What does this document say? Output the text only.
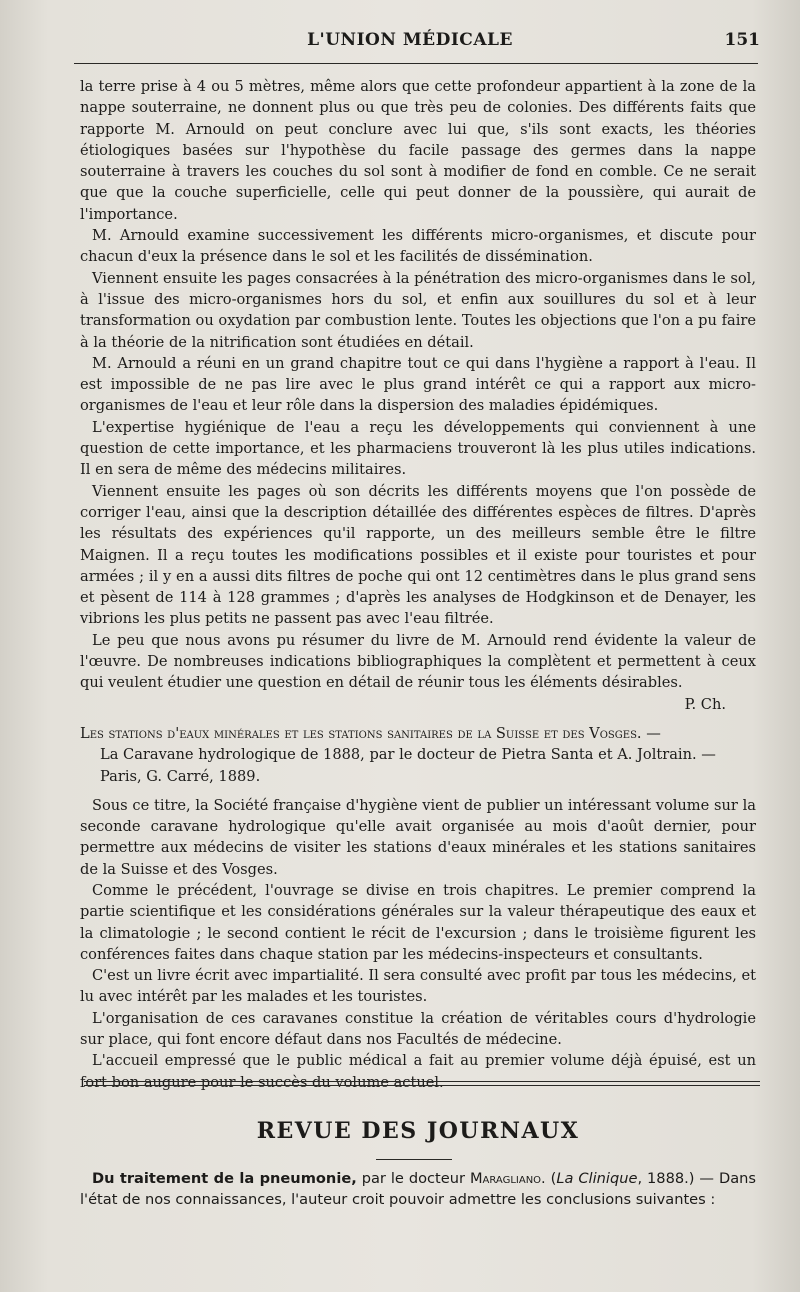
L'UNION MÉDICALE	151

la terre prise à 4 ou 5 mètres, même alors que cette profondeur appartient à la zone de la nappe souterraine, ne donnent plus ou que très peu de colonies. Des différents faits que rapporte M. Arnould on peut conclure avec lui que, s'ils sont exacts, les théories étiologiques basées sur l'hypothèse du facile passage des germes dans la nappe souterraine à travers les couches du sol sont à modifier de fond en comble. Ce ne serait que que la couche superficielle, celle qui peut donner de la poussière, qui aurait de l'importance.

M. Arnould examine successivement les différents micro-organismes, et discute pour chacun d'eux la présence dans le sol et les facilités de dissémination.

Viennent ensuite les pages consacrées à la pénétration des micro-organismes dans le sol, à l'issue des micro-organismes hors du sol, et enfin aux souillures du sol et à leur transformation ou oxydation par combustion lente. Toutes les objections que l'on a pu faire à la théorie de la nitrification sont étudiées en détail.

M. Arnould a réuni en un grand chapitre tout ce qui dans l'hygiène a rapport à l'eau. Il est impossible de ne pas lire avec le plus grand intérêt ce qui a rapport aux micro-organismes de l'eau et leur rôle dans la dispersion des maladies épidémiques.

L'expertise hygiénique de l'eau a reçu les développements qui conviennent à une question de cette importance, et les pharmaciens trouveront là les plus utiles indications. Il en sera de même des médecins militaires.

Viennent ensuite les pages où son décrits les différents moyens que l'on possède de corriger l'eau, ainsi que la description détaillée des différentes espèces de filtres. D'après les résultats des expériences qu'il rapporte, un des meilleurs semble être le filtre Maignen. Il a reçu toutes les modifications possibles et il existe pour touristes et pour armées ; il y en a aussi dits filtres de poche qui ont 12 centimètres dans le plus grand sens et pèsent de 114 à 128 grammes ; d'après les analyses de Hodgkinson et de Denayer, les vibrions les plus petits ne passent pas avec l'eau filtrée.

Le peu que nous avons pu résumer du livre de M. Arnould rend évidente la valeur de l'œuvre. De nombreuses indications bibliographiques la complètent et permettent à ceux qui veulent étudier une question en détail de réunir tous les éléments désirables.

P. Ch.

Les stations d'eaux minérales et les stations sanitaires de la Suisse et des Vosges. —

La Caravane hydrologique de 1888, par le docteur de Pietra Santa et A. Joltrain. —

Paris, G. Carré, 1889.

Sous ce titre, la Société française d'hygiène vient de publier un intéressant volume sur la seconde caravane hydrologique qu'elle avait organisée au mois d'août dernier, pour permettre aux médecins de visiter les stations d'eaux minérales et les stations sanitaires de la Suisse et des Vosges.

Comme le précédent, l'ouvrage se divise en trois chapitres. Le premier comprend la partie scientifique et les considérations générales sur la valeur thérapeutique des eaux et la climatologie ; le second contient le récit de l'excursion ; dans le troisième figurent les conférences faites dans chaque station par les médecins-inspecteurs et consultants.

C'est un livre écrit avec impartialité. Il sera consulté avec profit par tous les médecins, et lu avec intérêt par les malades et les touristes.

L'organisation de ces caravanes constitue la création de véritables cours d'hydrologie sur place, qui font encore défaut dans nos Facultés de médecine.

L'accueil empressé que le public médical a fait au premier volume déjà épuisé, est un fort bon augure pour le succès du volume actuel.

REVUE DES JOURNAUX

Du traitement de la pneumonie, par le docteur Maragliano. (La Clinique, 1888.) — Dans l'état de nos connaissances, l'auteur croit pouvoir admettre les conclusions suivantes :
